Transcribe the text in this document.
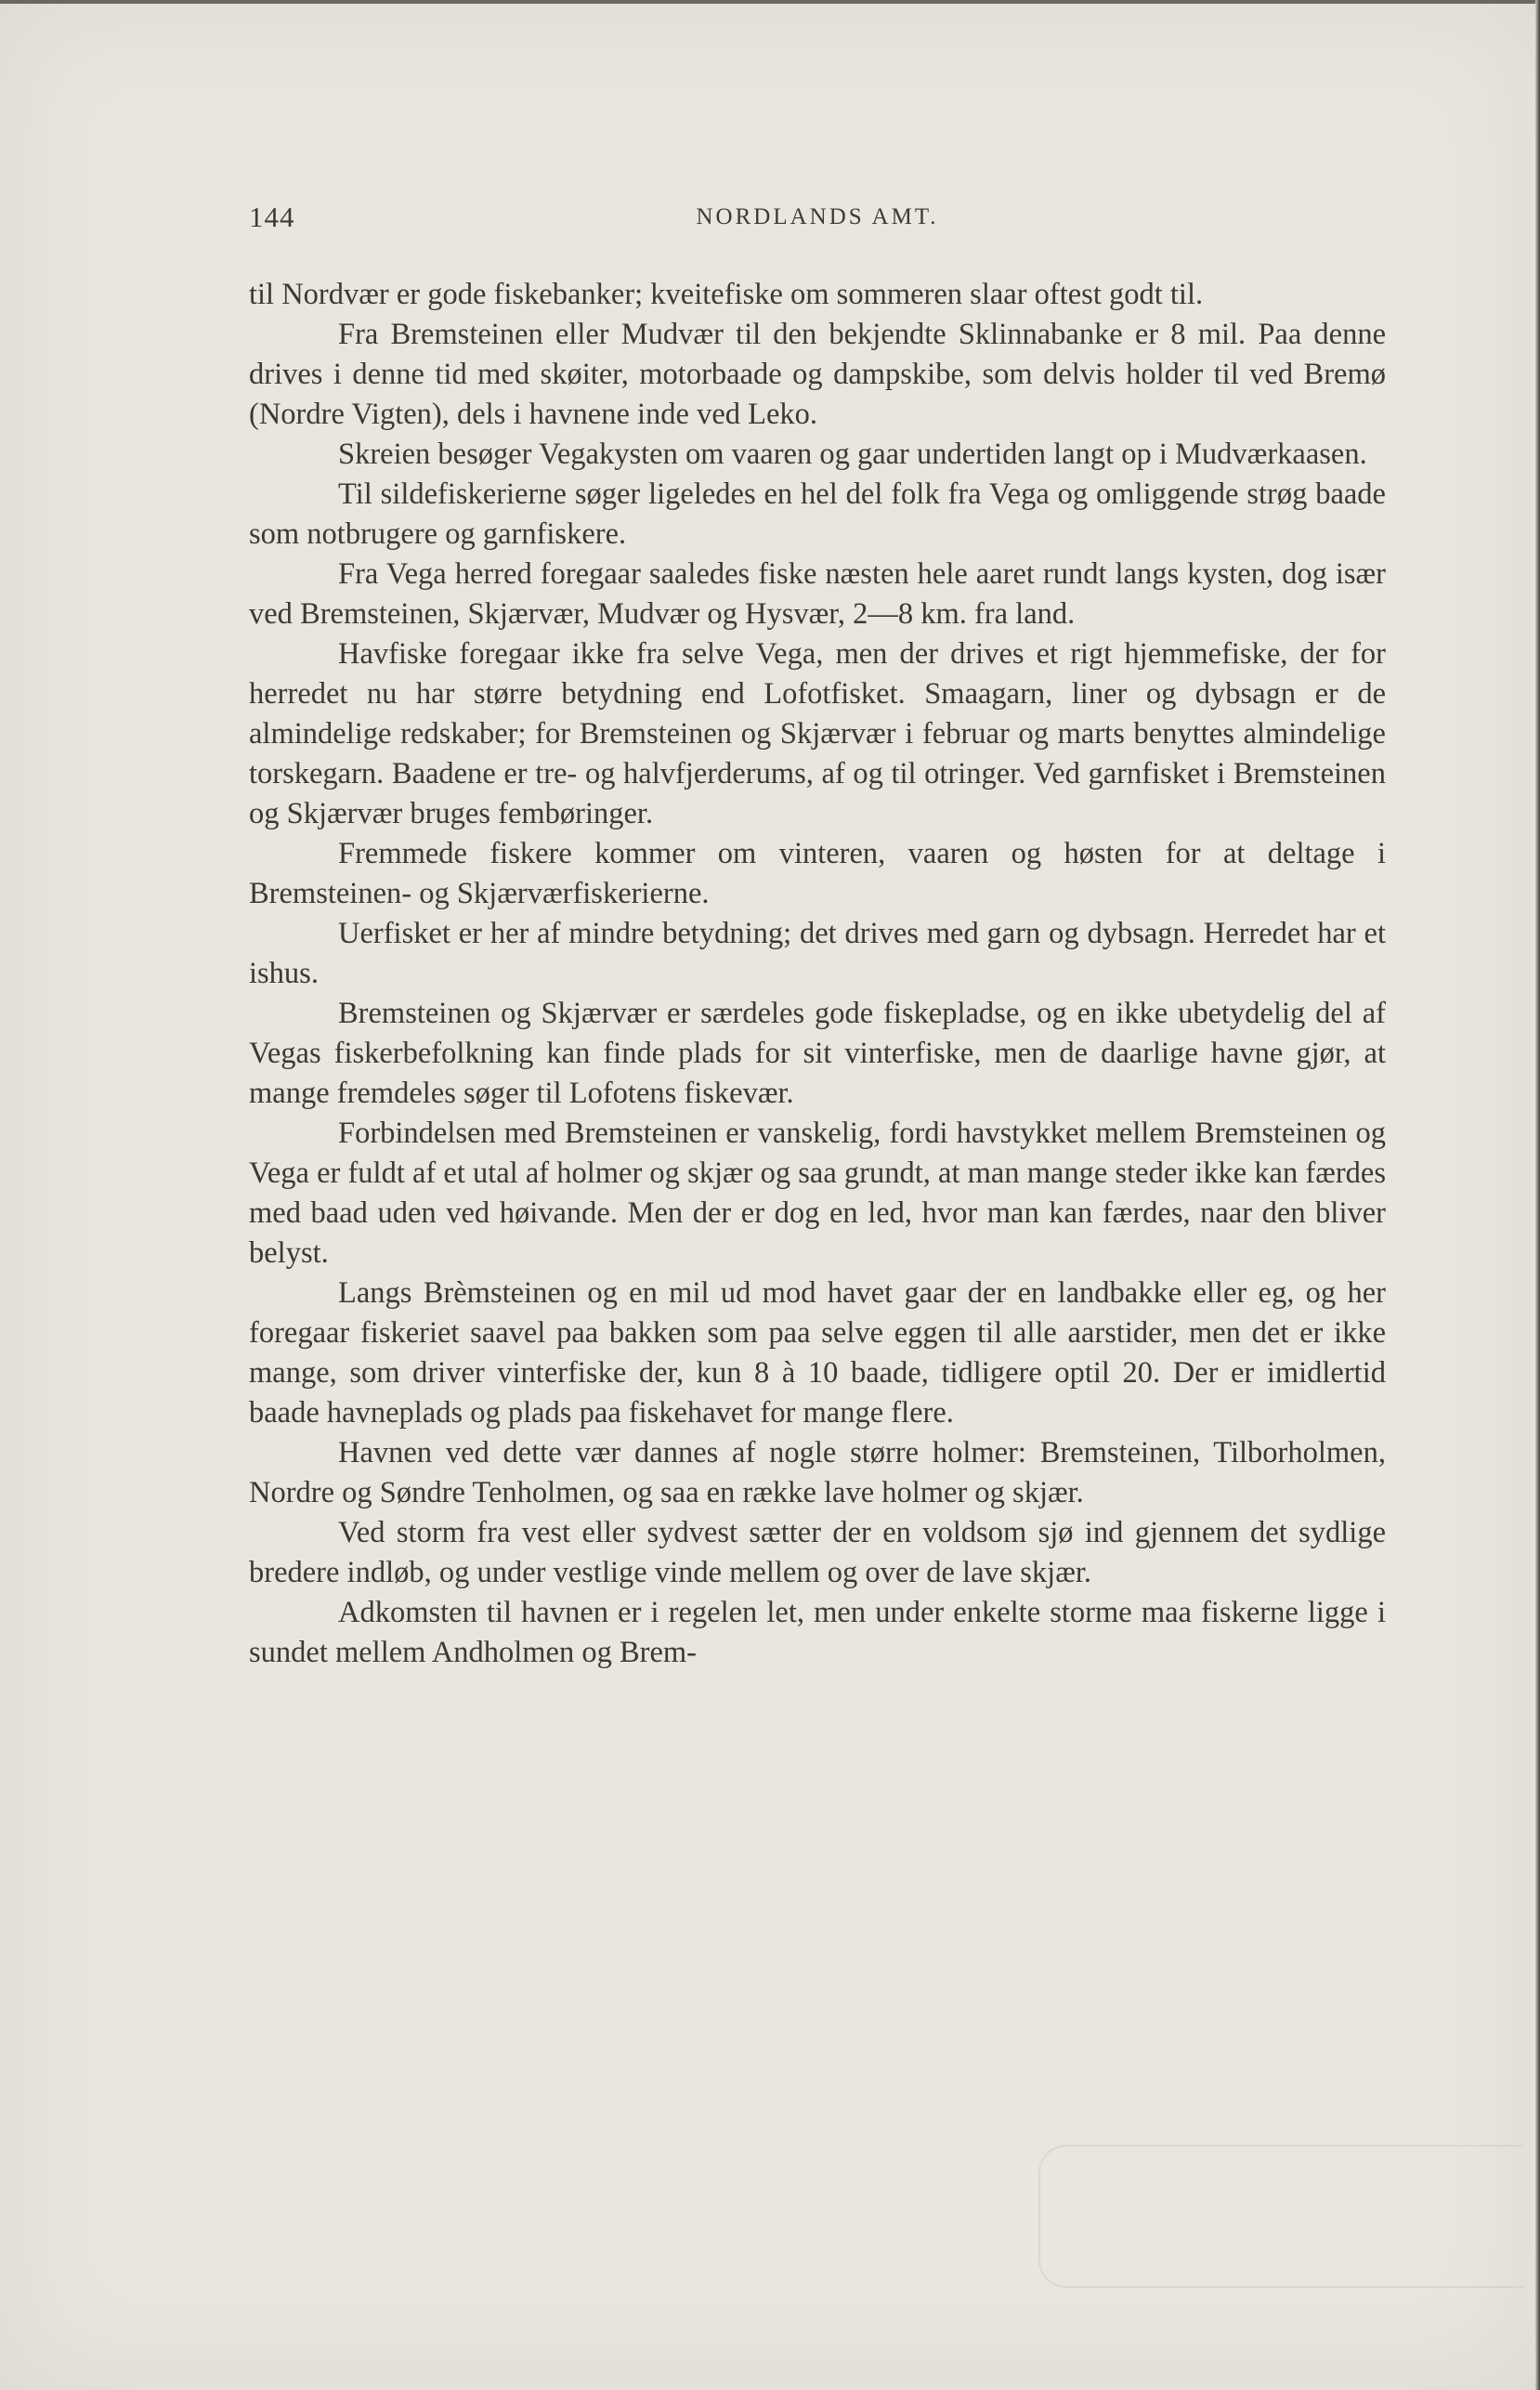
144	NORDLANDS AMT.

til Nordvær er gode fiskebanker; kveitefiske om sommeren slaar oftest godt til.

Fra Bremsteinen eller Mudvær til den bekjendte Sklinnabanke er 8 mil. Paa denne drives i denne tid med skøiter, motorbaade og dampskibe, som delvis holder til ved Bremø (Nordre Vigten), dels i havnene inde ved Leko.

Skreien besøger Vegakysten om vaaren og gaar undertiden langt op i Mudværkaasen.

Til sildefiskerierne søger ligeledes en hel del folk fra Vega og omliggende strøg baade som notbrugere og garnfiskere.

Fra Vega herred foregaar saaledes fiske næsten hele aaret rundt langs kysten, dog især ved Bremsteinen, Skjærvær, Mudvær og Hysvær, 2—8 km. fra land.

Havfiske foregaar ikke fra selve Vega, men der drives et rigt hjemmefiske, der for herredet nu har større betydning end Lofotfisket. Smaagarn, liner og dybsagn er de almindelige redskaber; for Bremsteinen og Skjærvær i februar og marts benyttes almindelige torskegarn. Baadene er tre- og halvfjerderums, af og til otringer. Ved garnfisket i Bremsteinen og Skjærvær bruges fembøringer.

Fremmede fiskere kommer om vinteren, vaaren og høsten for at deltage i Bremsteinen- og Skjærværfiskerierne.

Uerfisket er her af mindre betydning; det drives med garn og dybsagn. Herredet har et ishus.

Bremsteinen og Skjærvær er særdeles gode fiskepladse, og en ikke ubetydelig del af Vegas fiskerbefolkning kan finde plads for sit vinterfiske, men de daarlige havne gjør, at mange fremdeles søger til Lofotens fiskevær.

Forbindelsen med Bremsteinen er vanskelig, fordi havstykket mellem Bremsteinen og Vega er fuldt af et utal af holmer og skjær og saa grundt, at man mange steder ikke kan færdes med baad uden ved høivande. Men der er dog en led, hvor man kan færdes, naar den bliver belyst.

Langs Brèmsteinen og en mil ud mod havet gaar der en landbakke eller eg, og her foregaar fiskeriet saavel paa bakken som paa selve eggen til alle aarstider, men det er ikke mange, som driver vinterfiske der, kun 8 à 10 baade, tidligere optil 20. Der er imidlertid baade havneplads og plads paa fiskehavet for mange flere.

Havnen ved dette vær dannes af nogle større holmer: Bremsteinen, Tilborholmen, Nordre og Søndre Tenholmen, og saa en række lave holmer og skjær.

Ved storm fra vest eller sydvest sætter der en voldsom sjø ind gjennem det sydlige bredere indløb, og under vestlige vinde mellem og over de lave skjær.

Adkomsten til havnen er i regelen let, men under enkelte storme maa fiskerne ligge i sundet mellem Andholmen og Brem-
